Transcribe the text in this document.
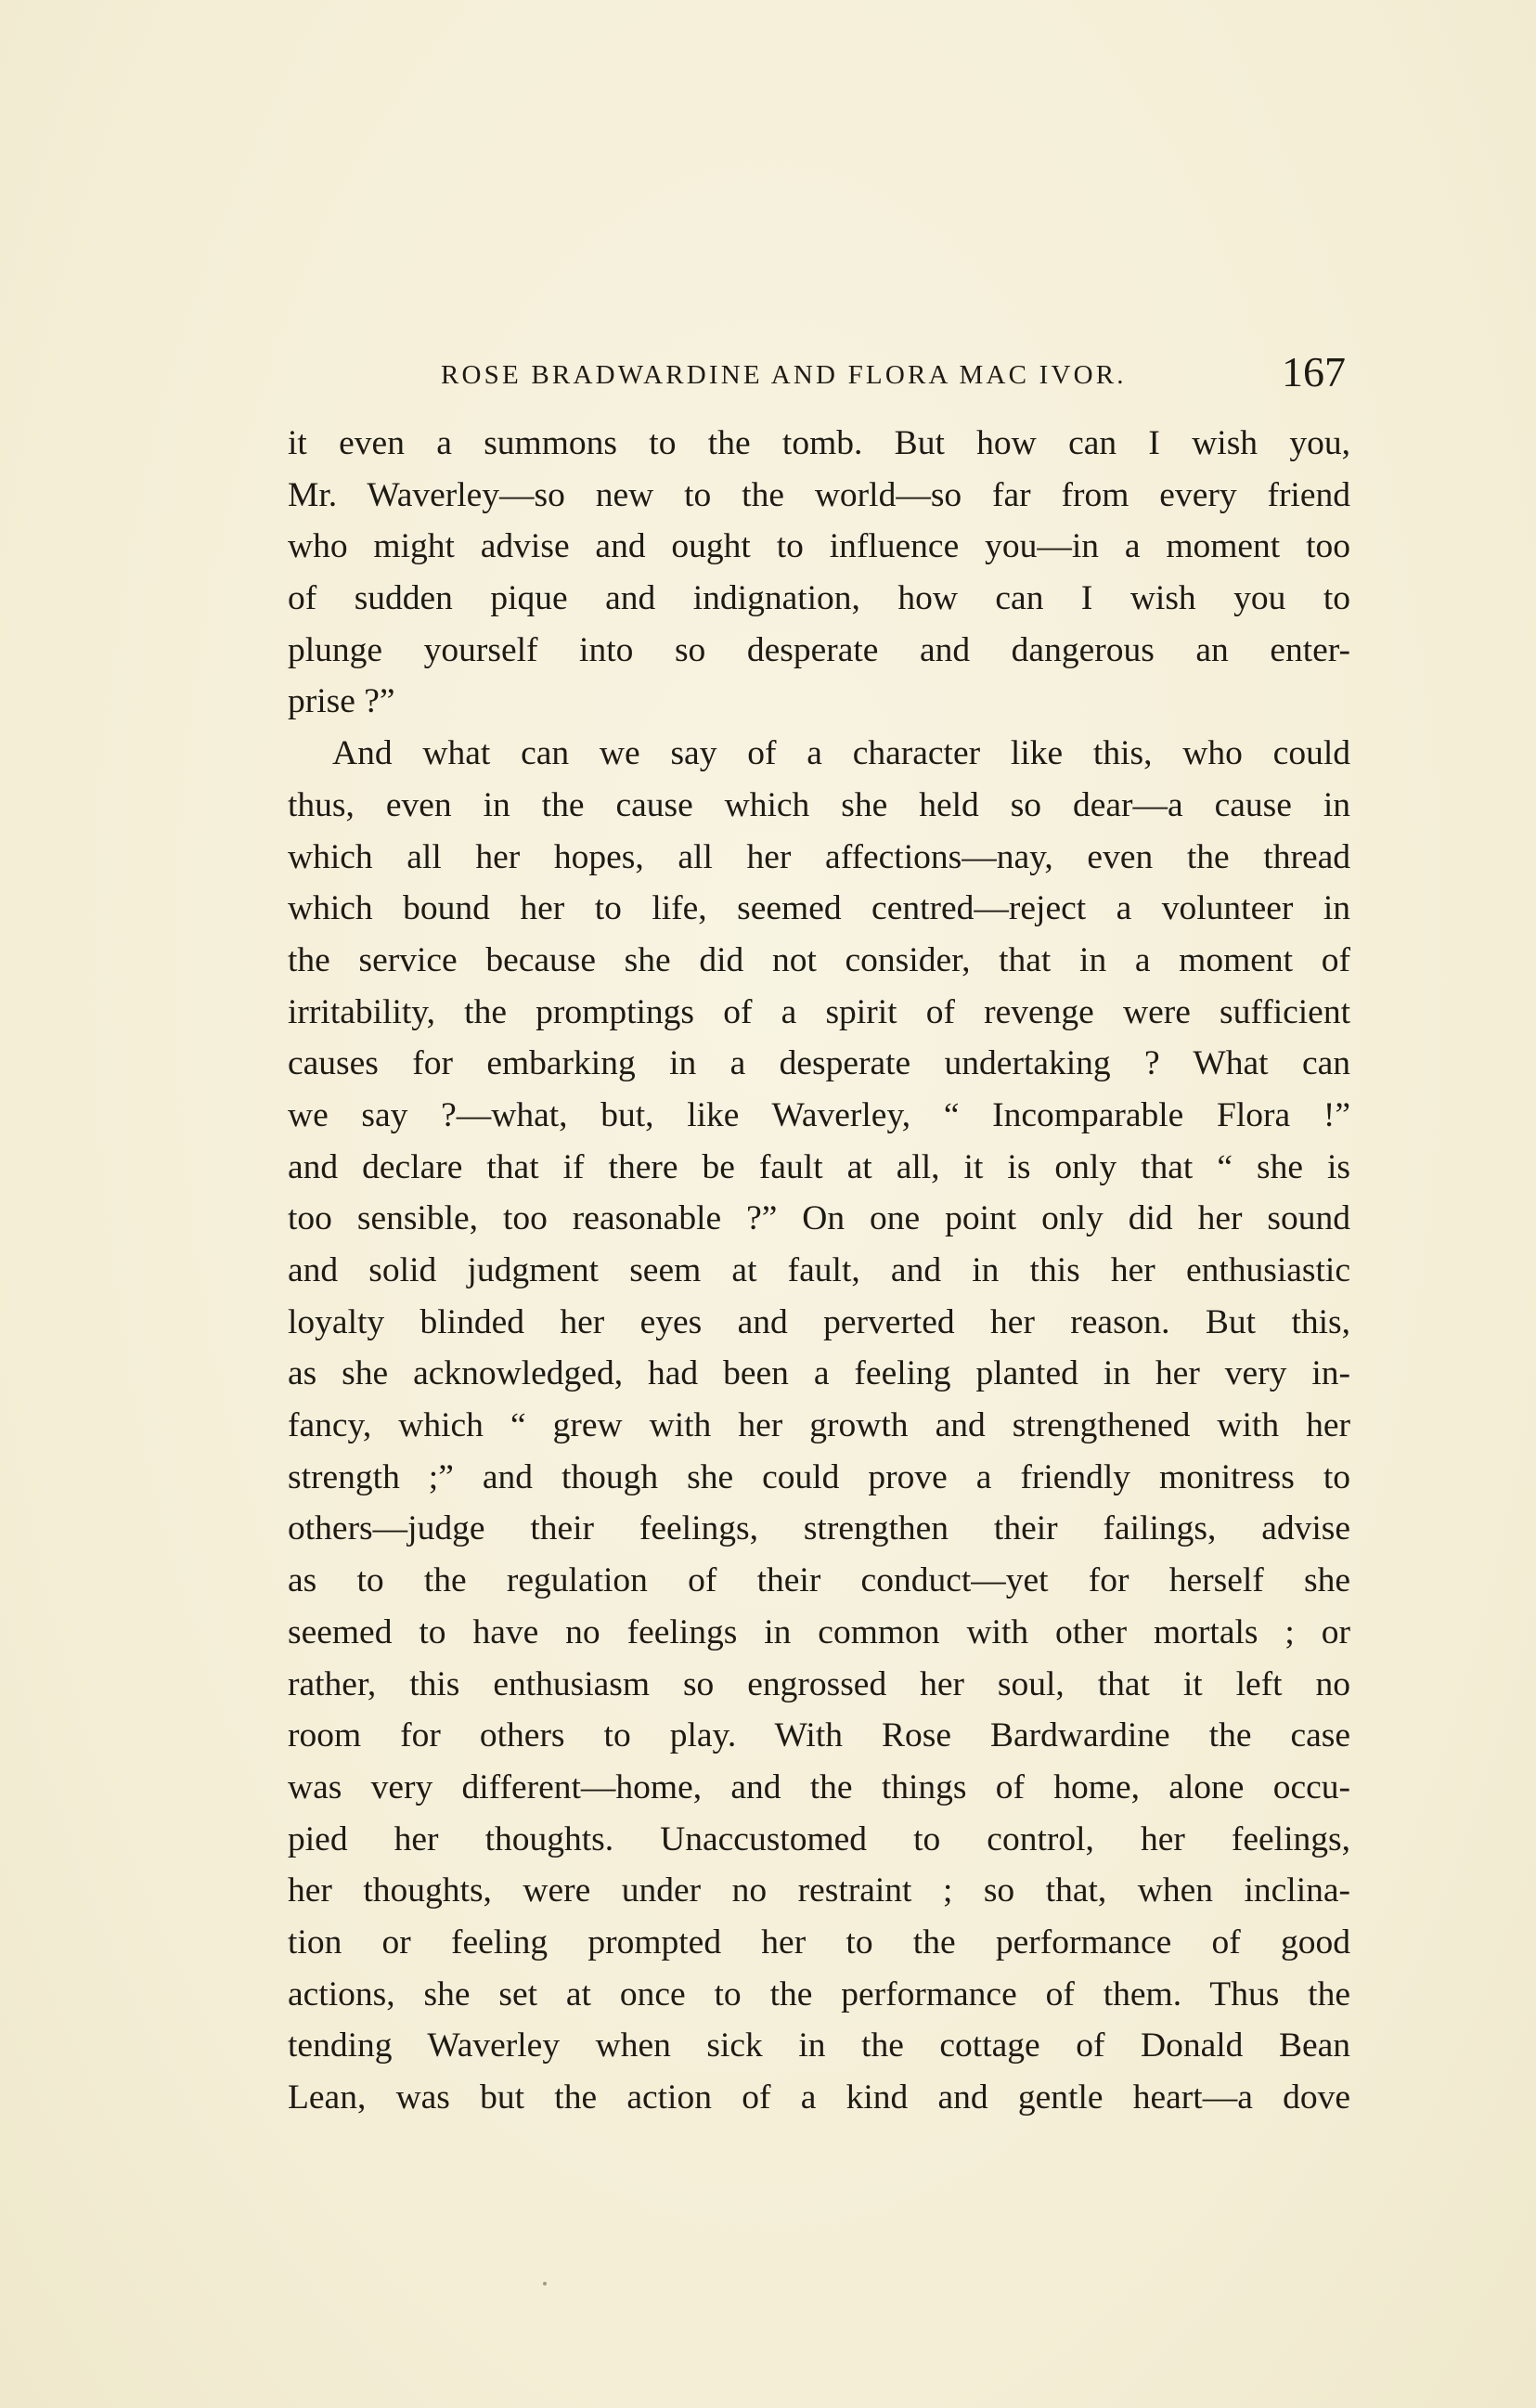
ROSE BRADWARDINE AND FLORA MAC IVOR.	167
it even a summons to the tomb. But how can I wish you,
Mr. Waverley—so new to the world—so far from every friend
who might advise and ought to influence you—in a moment too
of sudden pique and indignation, how can I wish you to
plunge yourself into so desperate and dangerous an enter-
prise ?”
And what can we say of a character like this, who could
thus, even in the cause which she held so dear—a cause in
which all her hopes, all her affections—nay, even the thread
which bound her to life, seemed centred—reject a volunteer in
the service because she did not consider, that in a moment of
irritability, the promptings of a spirit of revenge were sufficient
causes for embarking in a desperate undertaking ? What can
we say ?—what, but, like Waverley, “ Incomparable Flora !”
and declare that if there be fault at all, it is only that “ she is
too sensible, too reasonable ?” On one point only did her sound
and solid judgment seem at fault, and in this her enthusiastic
loyalty blinded her eyes and perverted her reason. But this,
as she acknowledged, had been a feeling planted in her very in-
fancy, which “ grew with her growth and strengthened with her
strength ;” and though she could prove a friendly monitress to
others—judge their feelings, strengthen their failings, advise
as to the regulation of their conduct—yet for herself she
seemed to have no feelings in common with other mortals ; or
rather, this enthusiasm so engrossed her soul, that it left no
room for others to play. With Rose Bardwardine the case
was very different—home, and the things of home, alone occu-
pied her thoughts. Unaccustomed to control, her feelings,
her thoughts, were under no restraint ; so that, when inclina-
tion or feeling prompted her to the performance of good
actions, she set at once to the performance of them. Thus the
tending Waverley when sick in the cottage of Donald Bean
Lean, was but the action of a kind and gentle heart—a dove
